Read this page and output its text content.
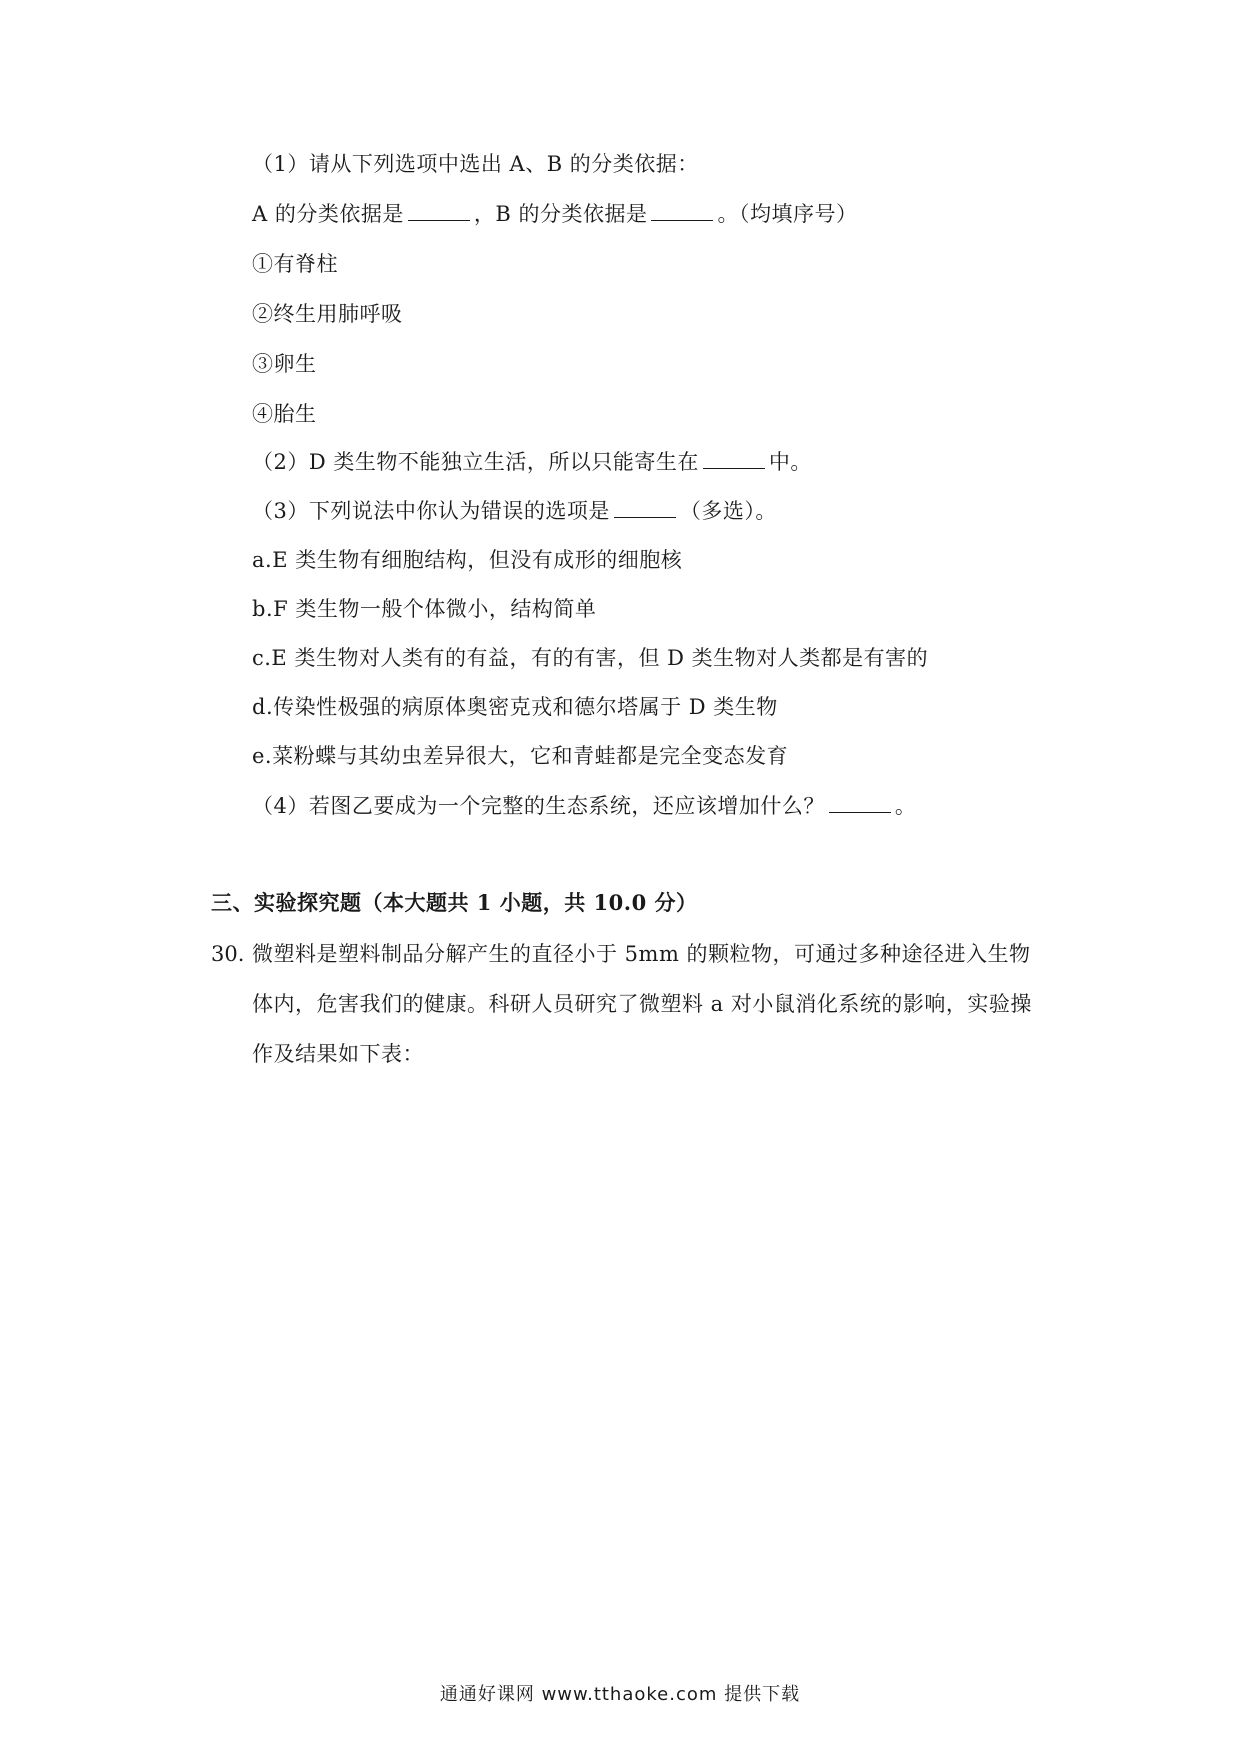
（1）请从下列选项中选出 A、B 的分类依据：
A 的分类依据是	，B 的分类依据是	。（均填序号）
①有脊柱
②终生用肺呼吸
③卵生
④胎生
（2）D 类生物不能独立生活，所以只能寄生在	中。
（3）下列说法中你认为错误的选项是	（多选）。
a.E 类生物有细胞结构，但没有成形的细胞核
b.F 类生物一般个体微小，结构简单
c.E 类生物对人类有的有益，有的有害，但 D 类生物对人类都是有害的
d.传染性极强的病原体奥密克戎和德尔塔属于 D 类生物
e.菜粉蝶与其幼虫差异很大，它和青蛙都是完全变态发育
（4）若图乙要成为一个完整的生态系统，还应该增加什么？	。
三、实验探究题（本大题共 1 小题，共 10.0 分）
30. 微塑料是塑料制品分解产生的直径小于 5mm 的颗粒物，可通过多种途径进入生物
体内，危害我们的健康。科研人员研究了微塑料 a 对小鼠消化系统的影响，实验操
作及结果如下表：
通通好课网 www.tthaoke.com 提供下载
